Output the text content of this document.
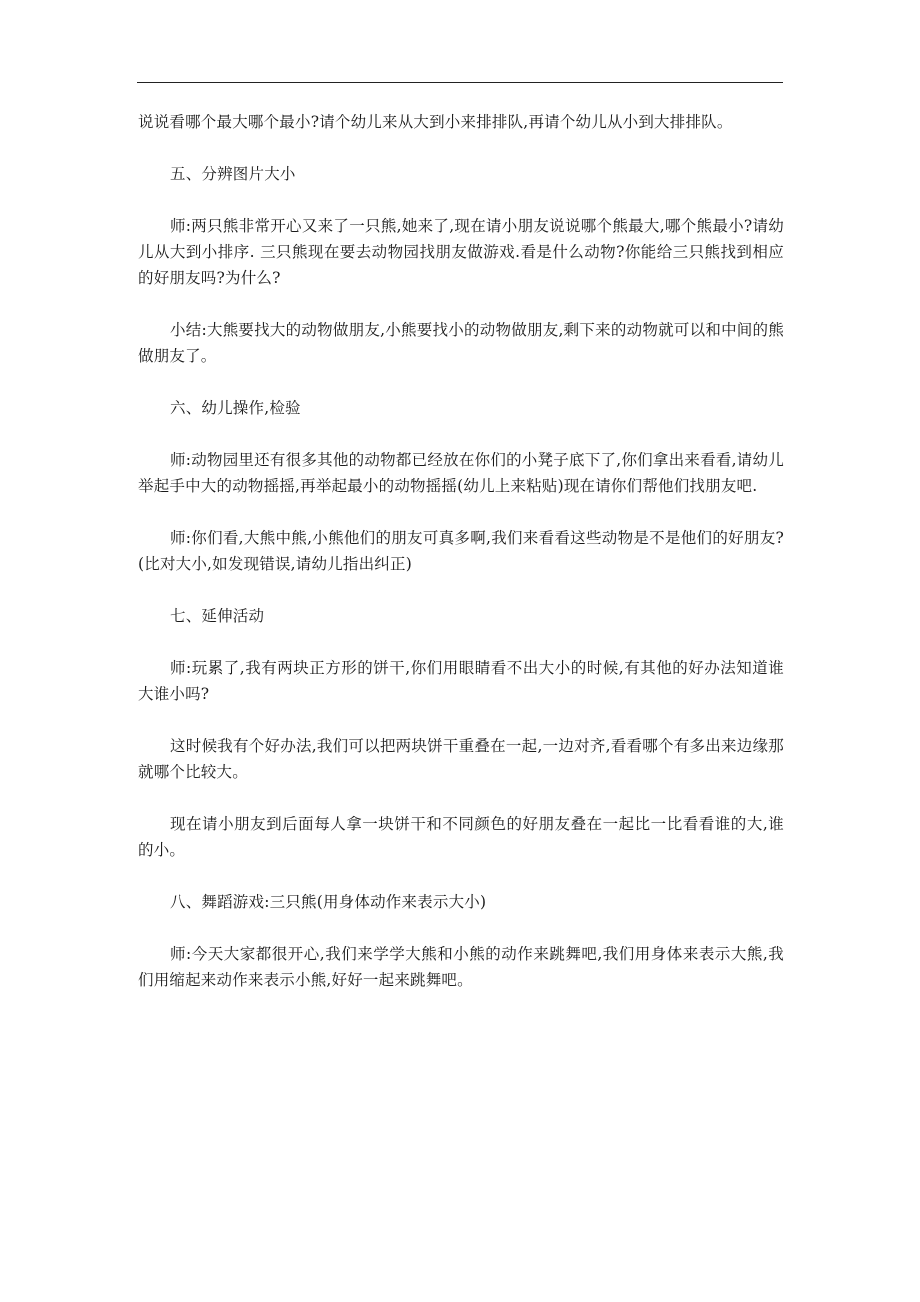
说说看哪个最大哪个最小?请个幼儿来从大到小来排排队,再请个幼儿从小到大排排队。

五、分辨图片大小

师:两只熊非常开心又来了一只熊,她来了,现在请小朋友说说哪个熊最大,哪个熊最小?请幼儿从大到小排序. 三只熊现在要去动物园找朋友做游戏.看是什么动物?你能给三只熊找到相应的好朋友吗?为什么?

小结:大熊要找大的动物做朋友,小熊要找小的动物做朋友,剩下来的动物就可以和中间的熊做朋友了。

六、幼儿操作,检验

师:动物园里还有很多其他的动物都已经放在你们的小凳子底下了,你们拿出来看看,请幼儿举起手中大的动物摇摇,再举起最小的动物摇摇(幼儿上来粘贴)现在请你们帮他们找朋友吧.

师:你们看,大熊中熊,小熊他们的朋友可真多啊,我们来看看这些动物是不是他们的好朋友?(比对大小,如发现错误,请幼儿指出纠正)

七、延伸活动

师:玩累了,我有两块正方形的饼干,你们用眼睛看不出大小的时候,有其他的好办法知道谁大谁小吗?

这时候我有个好办法,我们可以把两块饼干重叠在一起,一边对齐,看看哪个有多出来边缘那就哪个比较大。

现在请小朋友到后面每人拿一块饼干和不同颜色的好朋友叠在一起比一比看看谁的大,谁的小。

八、舞蹈游戏:三只熊(用身体动作来表示大小)

师:今天大家都很开心,我们来学学大熊和小熊的动作来跳舞吧,我们用身体来表示大熊,我们用缩起来动作来表示小熊,好好一起来跳舞吧。
